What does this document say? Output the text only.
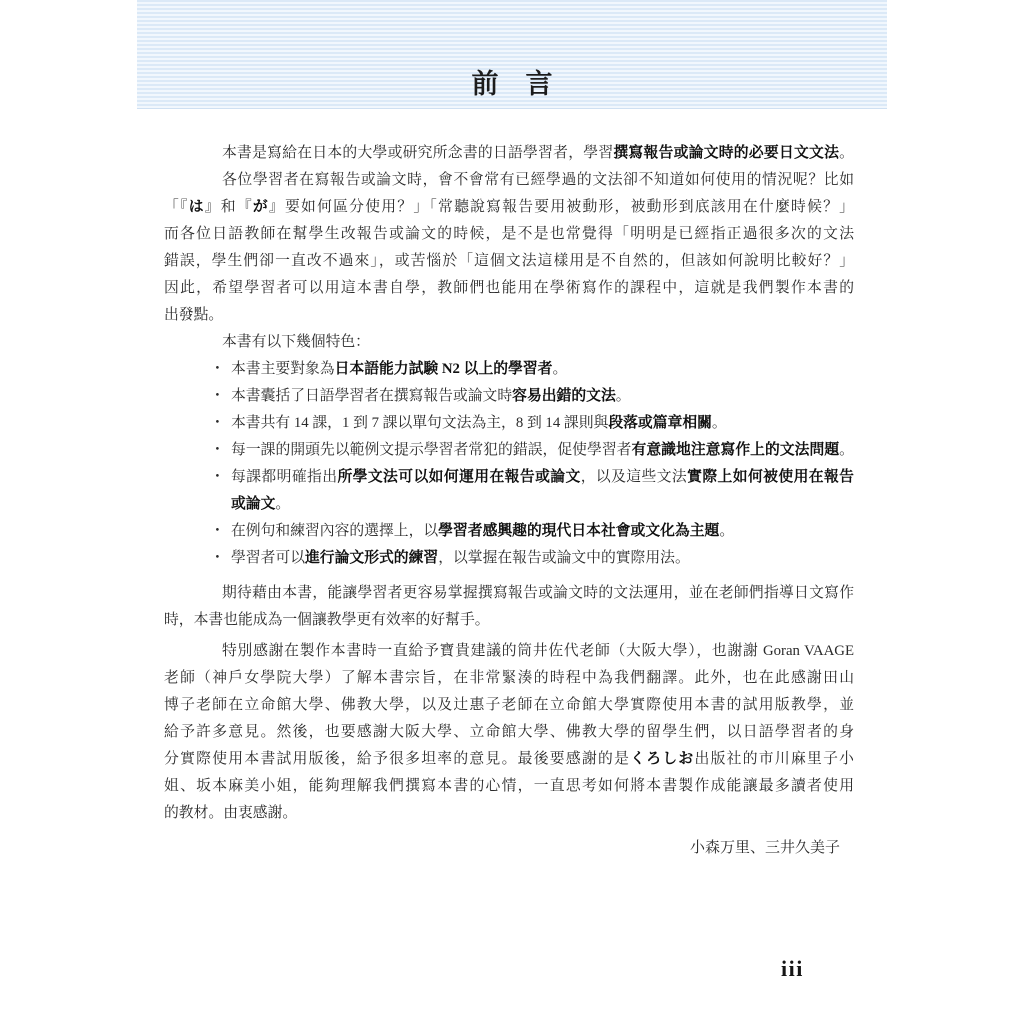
前　言
本書是寫給在日本的大學或研究所念書的日語學習者，學習撰寫報告或論文時的必要日文文法。
各位學習者在寫報告或論文時，會不會常有已經學過的文法卻不知道如何使用的情況呢？比如
「『は』和『が』要如何區分使用？」「常聽說寫報告要用被動形，被動形到底該用在什麼時候？」
而各位日語教師在幫學生改報告或論文的時候，是不是也常覺得「明明是已經指正過很多次的文法
錯誤，學生們卻一直改不過來」，或苦惱於「這個文法這樣用是不自然的，但該如何說明比較好？」
因此，希望學習者可以用這本書自學，教師們也能用在學術寫作的課程中，這就是我們製作本書的
出發點。
本書有以下幾個特色：
・ 本書主要對象為日本語能力試験 N2 以上的學習者。
・ 本書囊括了日語學習者在撰寫報告或論文時容易出錯的文法。
・ 本書共有 14 課，1 到 7 課以單句文法為主，8 到 14 課則與段落或篇章相關。
・ 每一課的開頭先以範例文提示學習者常犯的錯誤，促使學習者有意識地注意寫作上的文法問題。
・ 每課都明確指出所學文法可以如何運用在報告或論文，以及這些文法實際上如何被使用在報告
或論文。
・ 在例句和練習內容的選擇上，以學習者感興趣的現代日本社會或文化為主題。
・ 學習者可以進行論文形式的練習，以掌握在報告或論文中的實際用法。
期待藉由本書，能讓學習者更容易掌握撰寫報告或論文時的文法運用，並在老師們指導日文寫作
時，本書也能成為一個讓教學更有效率的好幫手。
特別感謝在製作本書時一直給予寶貴建議的筒井佐代老師（大阪大學），也謝謝 Goran VAAGE
老師（神戶女學院大學）了解本書宗旨，在非常緊湊的時程中為我們翻譯。此外，也在此感謝田山
博子老師在立命館大學、佛教大學，以及辻惠子老師在立命館大學實際使用本書的試用版教學，並
給予許多意見。然後，也要感謝大阪大學、立命館大學、佛教大學的留學生們，以日語學習者的身
分實際使用本書試用版後，給予很多坦率的意見。最後要感謝的是くろしお出版社的市川麻里子小
姐、坂本麻美小姐，能夠理解我們撰寫本書的心情，一直思考如何將本書製作成能讓最多讀者使用
的教材。由衷感謝。
小森万里、三井久美子
iii
